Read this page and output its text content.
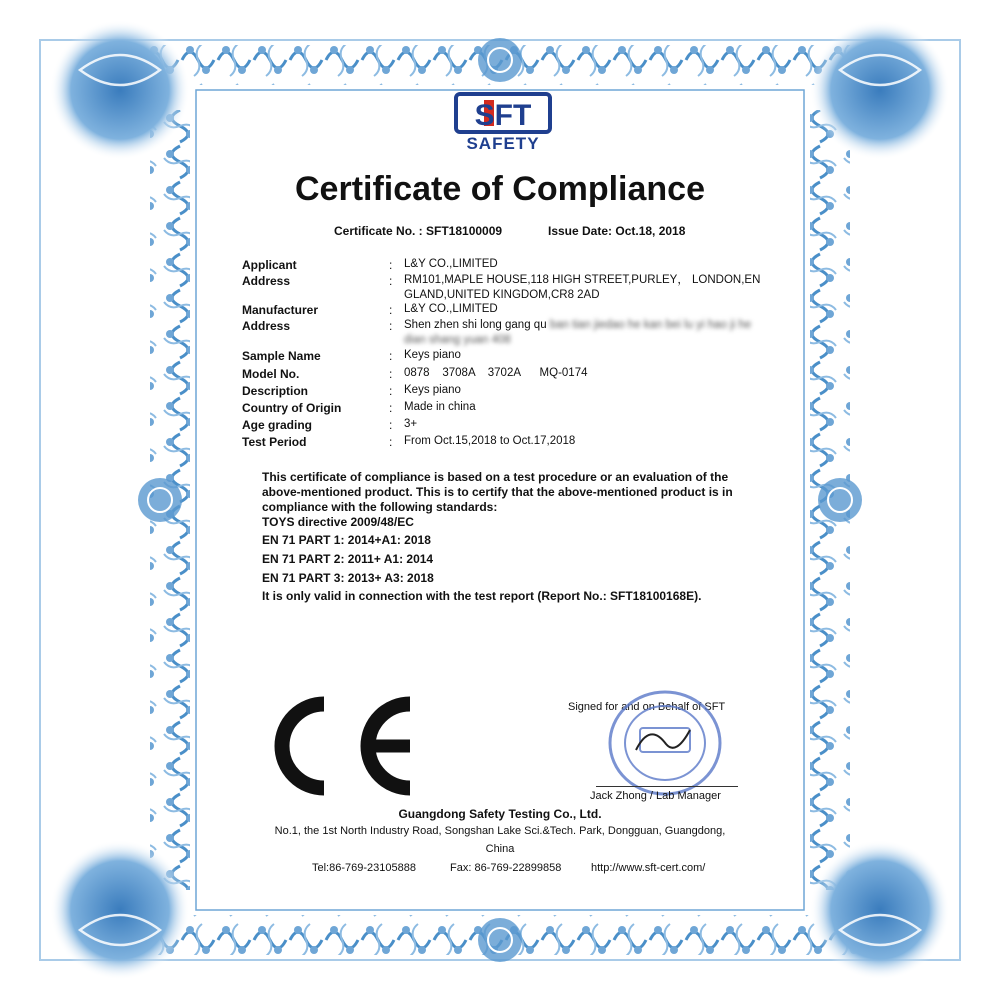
SFT
SAFETY
Certificate of Compliance
Certificate No. : SFT18100009	Issue Date: Oct.18, 2018
Applicant	: L&Y CO.,LIMITED
Address	: RM101,MAPLE HOUSE,118 HIGH STREET,PURLEY， LONDON,EN
GLAND,UNITED KINGDOM,CR8 2AD
Manufacturer	: L&Y CO.,LIMITED
Address	: Shen zhen shi long gang qu ban tian jiedao he kan bei lu yi hao ji he
dian shang yuan 408
Sample Name	: Keys piano
Model No.	: 0878    3708A    3702A      MQ-0174
Description	: Keys piano
Country of Origin	: Made in china
Age grading	: 3+
Test Period	: From Oct.15,2018 to Oct.17,2018
This certificate of compliance is based on a test procedure or an evaluation of the
above-mentioned product. This is to certify that the above-mentioned product is in
compliance with the following standards:
TOYS directive 2009/48/EC
EN 71 PART 1: 2014+A1: 2018
EN 71 PART 2: 2011+ A1: 2014
EN 71 PART 3: 2013+ A3: 2018
It is only valid in connection with the test report (Report No.: SFT18100168E).
Signed for and on Behalf of SFT
Jack Zhong / Lab Manager
Guangdong Safety Testing Co., Ltd.
No.1, the 1st North Industry Road, Songshan Lake Sci.&Tech. Park, Dongguan, Guangdong,
China
Tel:86-769-23105888	Fax: 86-769-22899858	http://www.sft-cert.com/
